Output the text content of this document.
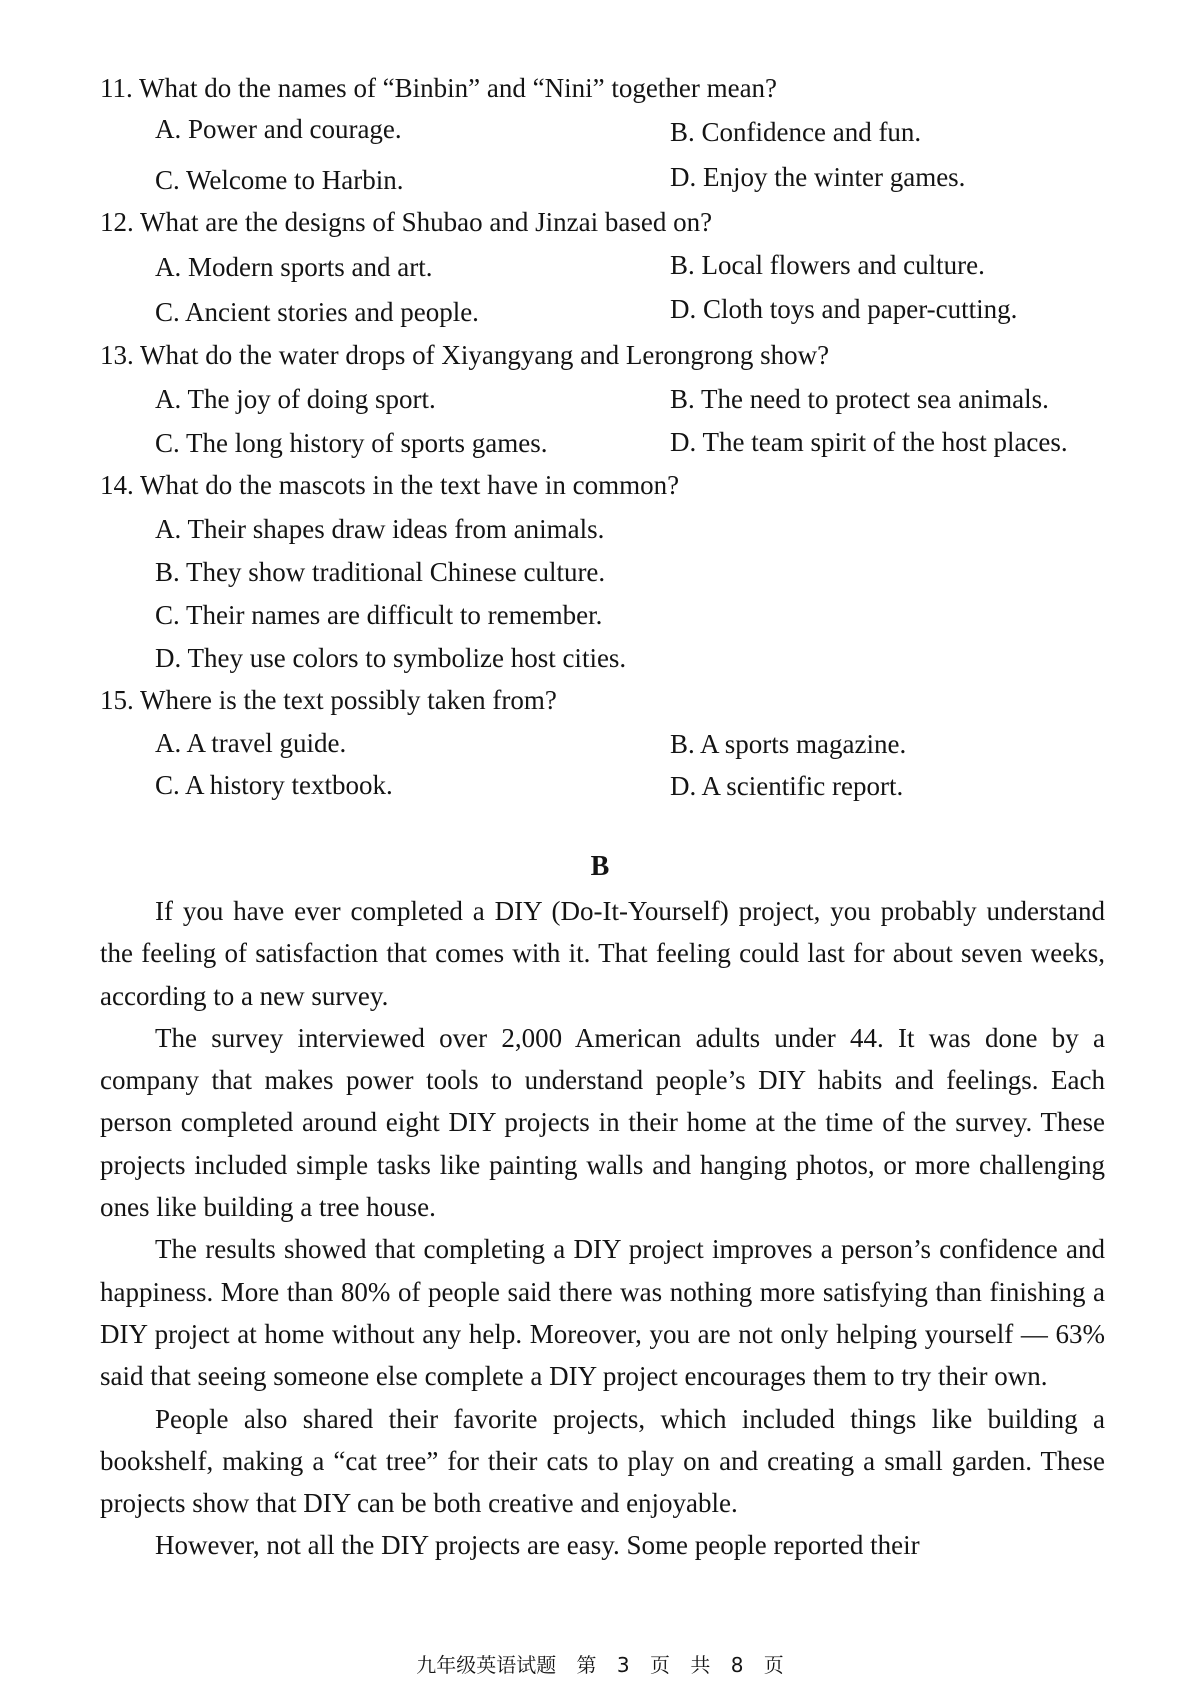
11. What do the names of “Binbin” and “Nini” together mean?
A. Power and courage.	B. Confidence and fun.
C. Welcome to Harbin.	D. Enjoy the winter games.
12. What are the designs of Shubao and Jinzai based on?
A. Modern sports and art.	B. Local flowers and culture.
C. Ancient stories and people.	D. Cloth toys and paper-cutting.
13. What do the water drops of Xiyangyang and Lerongrong show?
A. The joy of doing sport.	B. The need to protect sea animals.
C. The long history of sports games.	D. The team spirit of the host places.
14. What do the mascots in the text have in common?
A. Their shapes draw ideas from animals.
B. They show traditional Chinese culture.
C. Their names are difficult to remember.
D. They use colors to symbolize host cities.
15. Where is the text possibly taken from?
A. A travel guide.	B. A sports magazine.
C. A history textbook.	D. A scientific report.
B

If you have ever completed a DIY (Do-It-Yourself) project, you probably understand the feeling of satisfaction that comes with it. That feeling could last for about seven weeks, according to a new survey.

The survey interviewed over 2,000 American adults under 44. It was done by a company that makes power tools to understand people’s DIY habits and feelings. Each person completed around eight DIY projects in their home at the time of the survey. These projects included simple tasks like painting walls and hanging photos, or more challenging ones like building a tree house.

The results showed that completing a DIY project improves a person’s confidence and happiness. More than 80% of people said there was nothing more satisfying than finishing a DIY project at home without any help. Moreover, you are not only helping yourself — 63% said that seeing someone else complete a DIY project encourages them to try their own.

People also shared their favorite projects, which included things like building a bookshelf, making a “cat tree” for their cats to play on and creating a small garden. These projects show that DIY can be both creative and enjoyable.

However, not all the DIY projects are easy. Some people reported their

九年级英语试题 第 3 页 共 8 页
